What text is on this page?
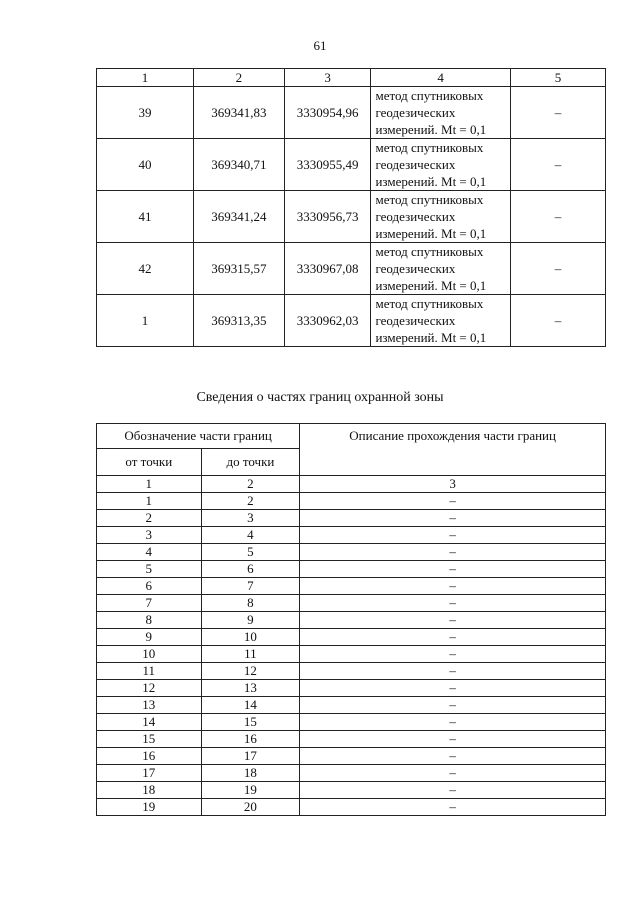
61
1	2	3	4	5
39	369341,83	3330954,96	метод спутниковых
геодезических
измерений. Mt = 0,1	–
40	369340,71	3330955,49	метод спутниковых
геодезических
измерений. Mt = 0,1	–
41	369341,24	3330956,73	метод спутниковых
геодезических
измерений. Mt = 0,1	–
42	369315,57	3330967,08	метод спутниковых
геодезических
измерений. Mt = 0,1	–
1	369313,35	3330962,03	метод спутниковых
геодезических
измерений. Mt = 0,1	–
Сведения о частях границ охранной зоны
Обозначение части границ		Описание прохождения части границ
от точки	до точки	
1	2	3
1	2	–
2	3	–
3	4	–
4	5	–
5	6	–
6	7	–
7	8	–
8	9	–
9	10	–
10	11	–
11	12	–
12	13	–
13	14	–
14	15	–
15	16	–
16	17	–
17	18	–
18	19	–
19	20	–
